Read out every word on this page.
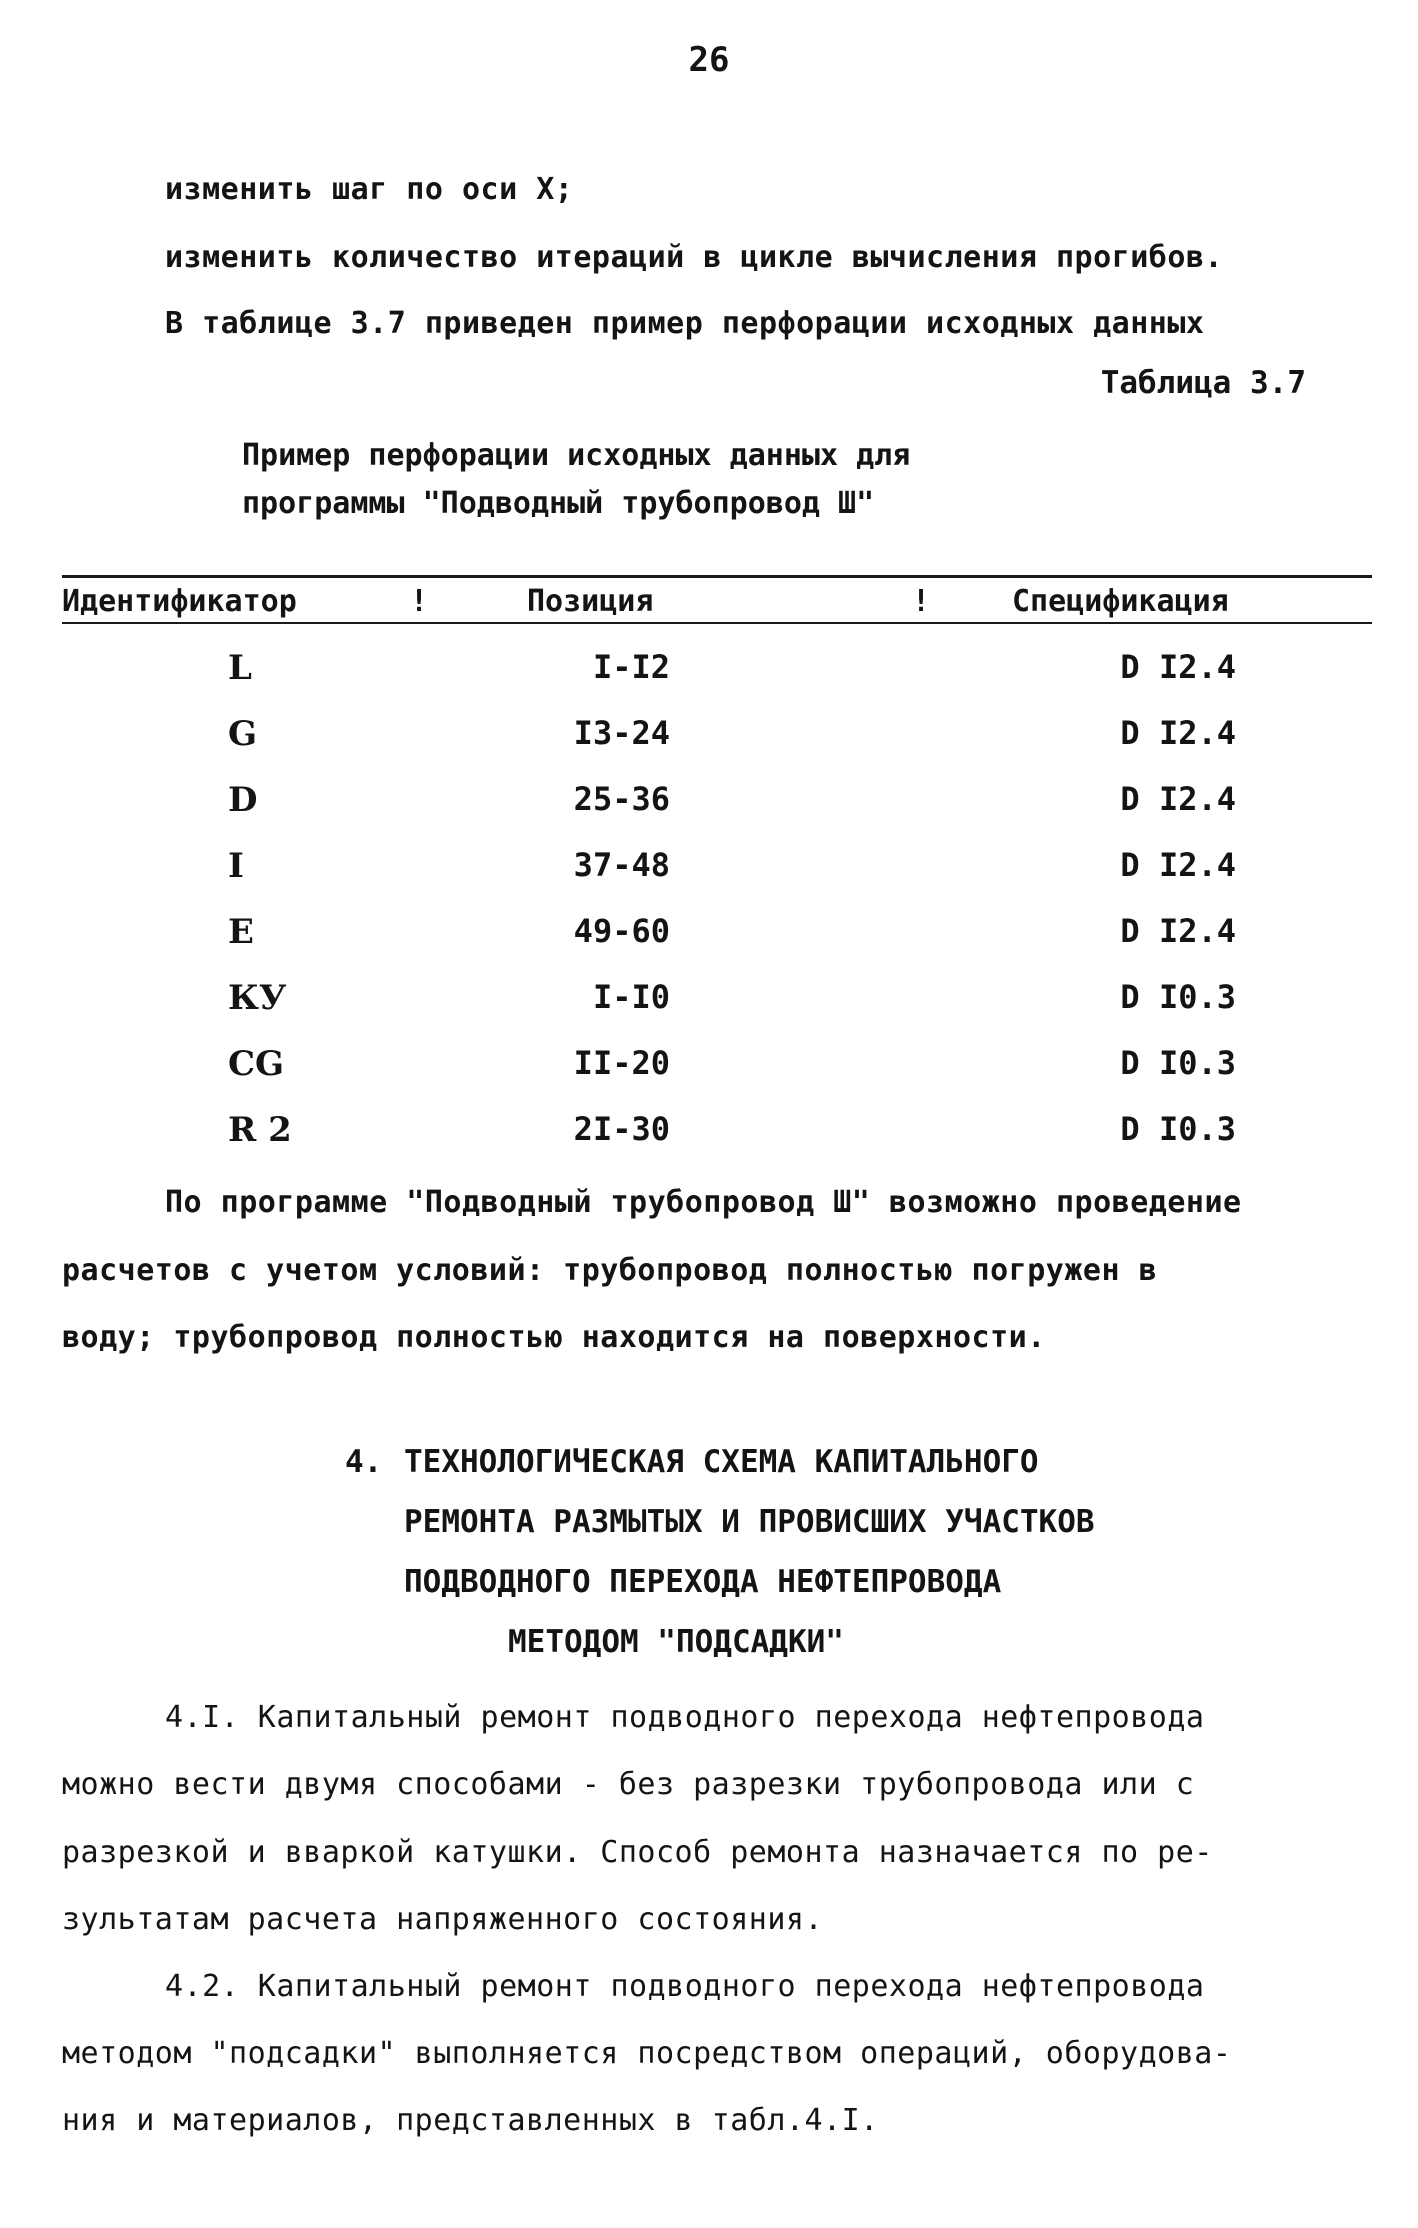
26
изменить шаг по оси X;
изменить количество итераций в цикле вычисления прогибов.
В таблице 3.7 приведен пример перфорации исходных данных
Таблица 3.7
Пример перфорации исходных данных для
программы "Подводный трубопровод Ш"
Идентификатор	!	Позиция	!	Спецификация
L	I-I2	D I2.4
G	I3-24	D I2.4
D	25-36	D I2.4
I	37-48	D I2.4
E	49-60	D I2.4
КУ	I-I0	D I0.3
CG	II-20	D I0.3
R 2	2I-30	D I0.3
По программе "Подводный трубопровод Ш" возможно проведение
расчетов с учетом условий: трубопровод полностью погружен в
воду; трубопровод полностью находится на поверхности.
4. ТЕХНОЛОГИЧЕСКАЯ СХЕМА КАПИТАЛЬНОГО
РЕМОНТА РАЗМЫТЫХ И ПРОВИСШИХ УЧАСТКОВ
ПОДВОДНОГО ПЕРЕХОДА НЕФТЕПРОВОДА
МЕТОДОМ "ПОДСАДКИ"
4.I. Капитальный ремонт подводного перехода нефтепровода
можно вести двумя способами - без разрезки трубопровода или с
разрезкой и вваркой катушки. Способ ремонта назначается по ре-
зультатам расчета напряженного состояния.
4.2. Капитальный ремонт подводного перехода нефтепровода
методом "подсадки" выполняется посредством операций, оборудова-
ния и материалов, представленных в табл.4.I.
